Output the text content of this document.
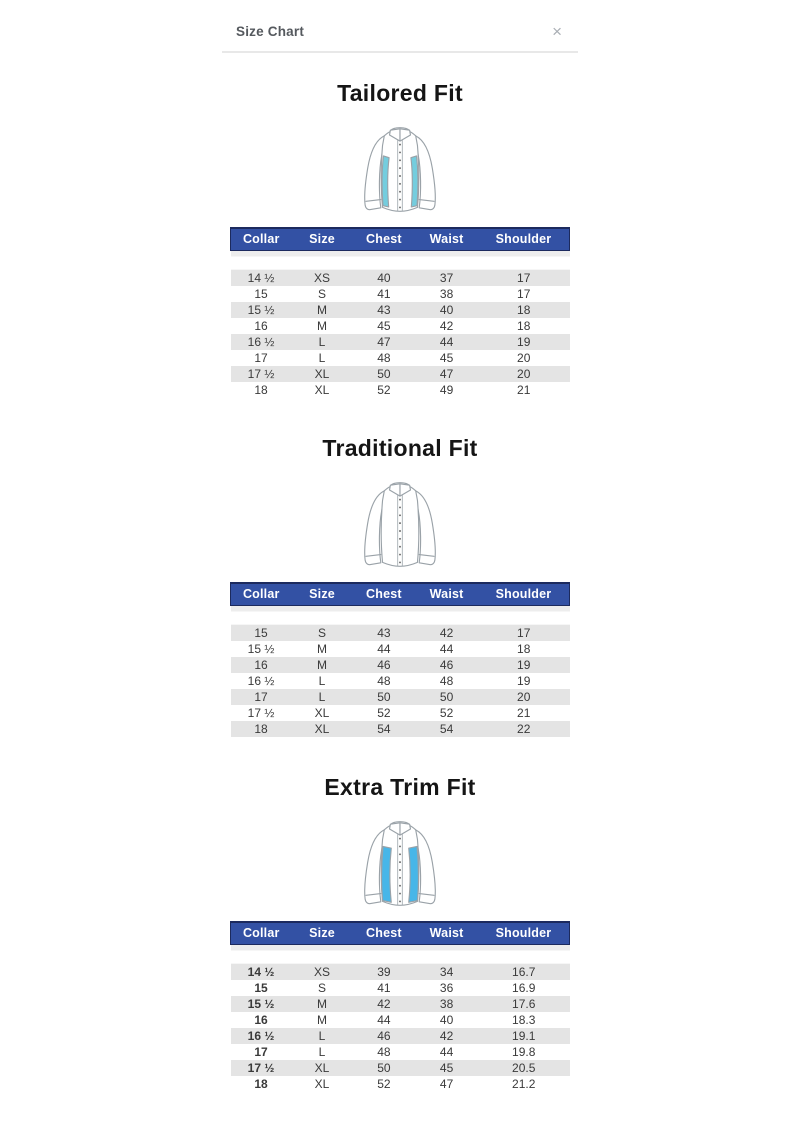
Size Chart	×
Tailored Fit
Collar	Size	Chest	Waist	Shoulder

14 ½	XS	40	37	17
15	S	41	38	17
15 ½	M	43	40	18
16	M	45	42	18
16 ½	L	47	44	19
17	L	48	45	20
17 ½	XL	50	47	20
18	XL	52	49	21
Traditional Fit
Collar	Size	Chest	Waist	Shoulder

15	S	43	42	17
15 ½	M	44	44	18
16	M	46	46	19
16 ½	L	48	48	19
17	L	50	50	20
17 ½	XL	52	52	21
18	XL	54	54	22
Extra Trim Fit
Collar	Size	Chest	Waist	Shoulder

14 ½	XS	39	34	16.7
15	S	41	36	16.9
15 ½	M	42	38	17.6
16	M	44	40	18.3
16 ½	L	46	42	19.1
17	L	48	44	19.8
17 ½	XL	50	45	20.5
18	XL	52	47	21.2
